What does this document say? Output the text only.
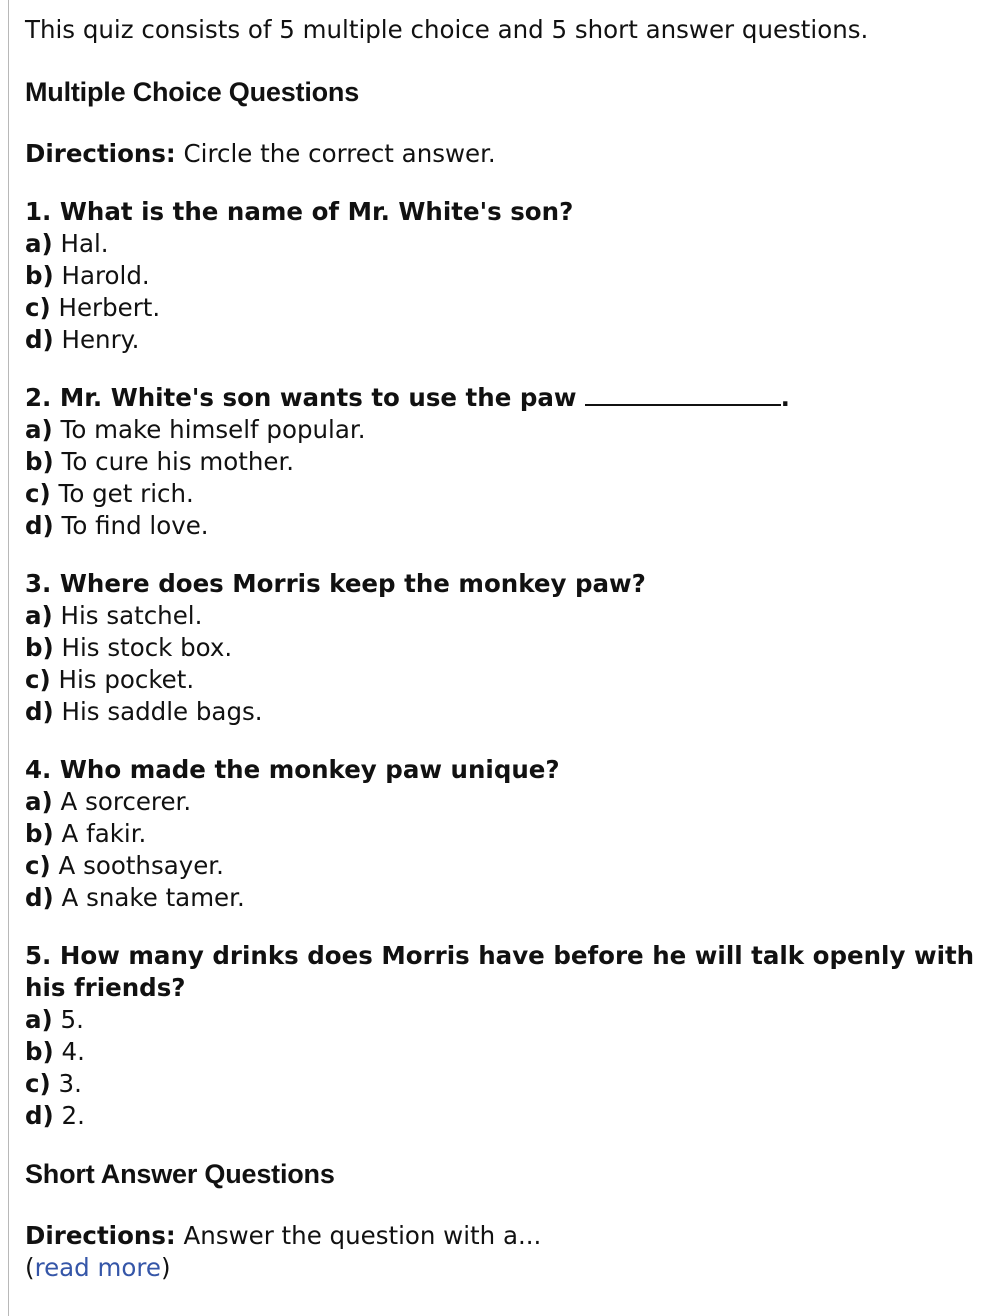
This quiz consists of 5 multiple choice and 5 short answer questions.

Multiple Choice Questions

Directions: Circle the correct answer.

1. What is the name of Mr. White's son?
a) Hal.
b) Harold.
c) Herbert.
d) Henry.
2. Mr. White's son wants to use the paw	.
a) To make himself popular.
b) To cure his mother.
c) To get rich.
d) To find love.
3. Where does Morris keep the monkey paw?
a) His satchel.
b) His stock box.
c) His pocket.
d) His saddle bags.
4. Who made the monkey paw unique?
a) A sorcerer.
b) A fakir.
c) A soothsayer.
d) A snake tamer.
5. How many drinks does Morris have before he will talk openly with his friends?
a) 5.
b) 4.
c) 3.
d) 2.
Short Answer Questions

Directions: Answer the question with a...

(read more)
